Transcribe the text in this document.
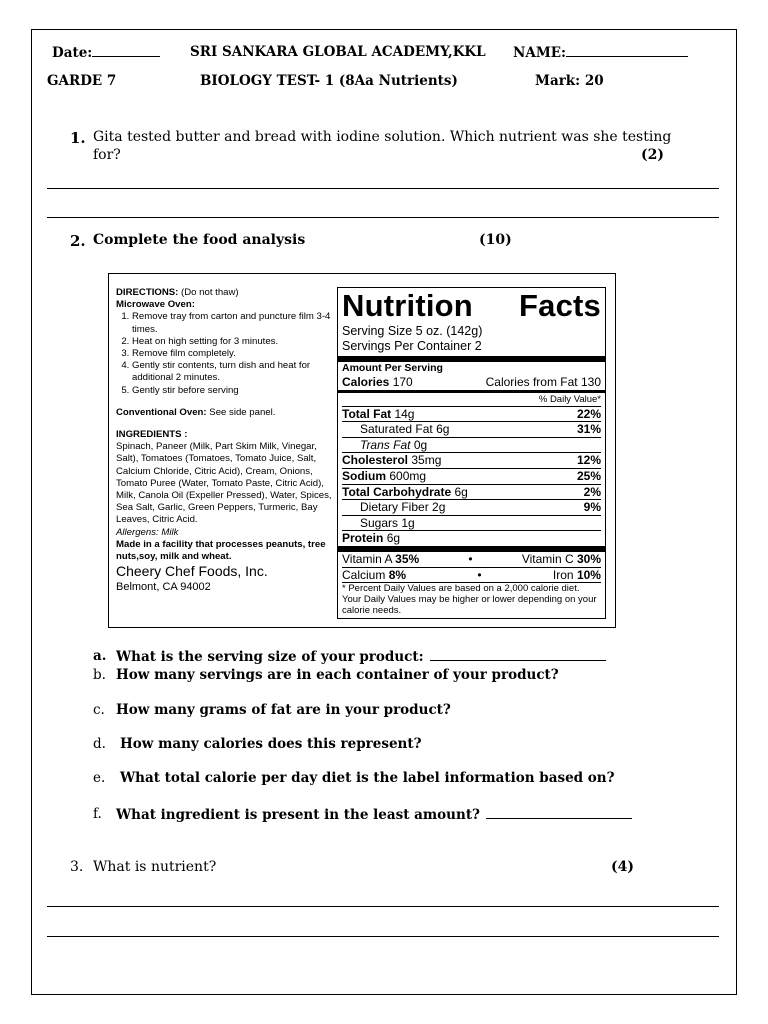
Date:	SRI SANKARA GLOBAL ACADEMY,KKL NAME:
GARDE 7	BIOLOGY TEST- 1 (8Aa Nutrients)	Mark: 20
1. Gita tested butter and bread with iodine solution. Which nutrient was she testing
for?	(2)
2. Complete the food analysis	(10)

DIRECTIONS: (Do not thaw)

Microwave Oven:

1. Remove tray from carton and puncture film 3-4 times.
2. Heat on high setting for 3 minutes.
3. Remove film completely.
4. Gently stir contents, turn dish and heat for additional 2 minutes.
5. Gently stir before serving

Conventional Oven: See side panel.

INGREDIENTS :

Spinach, Paneer (Milk, Part Skim Milk, Vinegar, Salt), Tomatoes (Tomatoes, Tomato Juice, Salt, Calcium Chloride, Citric Acid), Cream, Onions, Tomato Puree (Water, Tomato Paste, Citric Acid), Milk, Canola Oil (Expeller Pressed), Water, Spices, Sea Salt, Garlic, Green Peppers, Turmeric, Bay Leaves, Citric Acid.

Allergens: Milk

Made in a facility that processes peanuts, tree nuts,soy, milk and wheat.

Cheery Chef Foods, Inc.

Belmont, CA 94002

Nutrition Facts
Serving Size 5 oz. (142g)
Servings Per Container 2
Amount Per Serving
Calories 170	Calories from Fat 130
% Daily Value*
Total Fat 14g	22%
Saturated Fat 6g	31%
Trans Fat 0g
Cholesterol 35mg	12%
Sodium 600mg	25%
Total Carbohydrate 6g	2%
Dietary Fiber 2g	9%
Sugars 1g
Protein 6g
Vitamin A 35%	•	Vitamin C 30%
Calcium 8%	•	Iron 10%
* Percent Daily Values are based on a 2,000 calorie diet. Your Daily Values may be higher or lower depending on your calorie needs.
a. What is the serving size of your product:
b. How many servings are in each container of your product?
c. How many grams of fat are in your product?
d. How many calories does this represent?
e. What total calorie per day diet is the label information based on?
f. What ingredient is present in the least amount?
3. What is nutrient?	(4)
